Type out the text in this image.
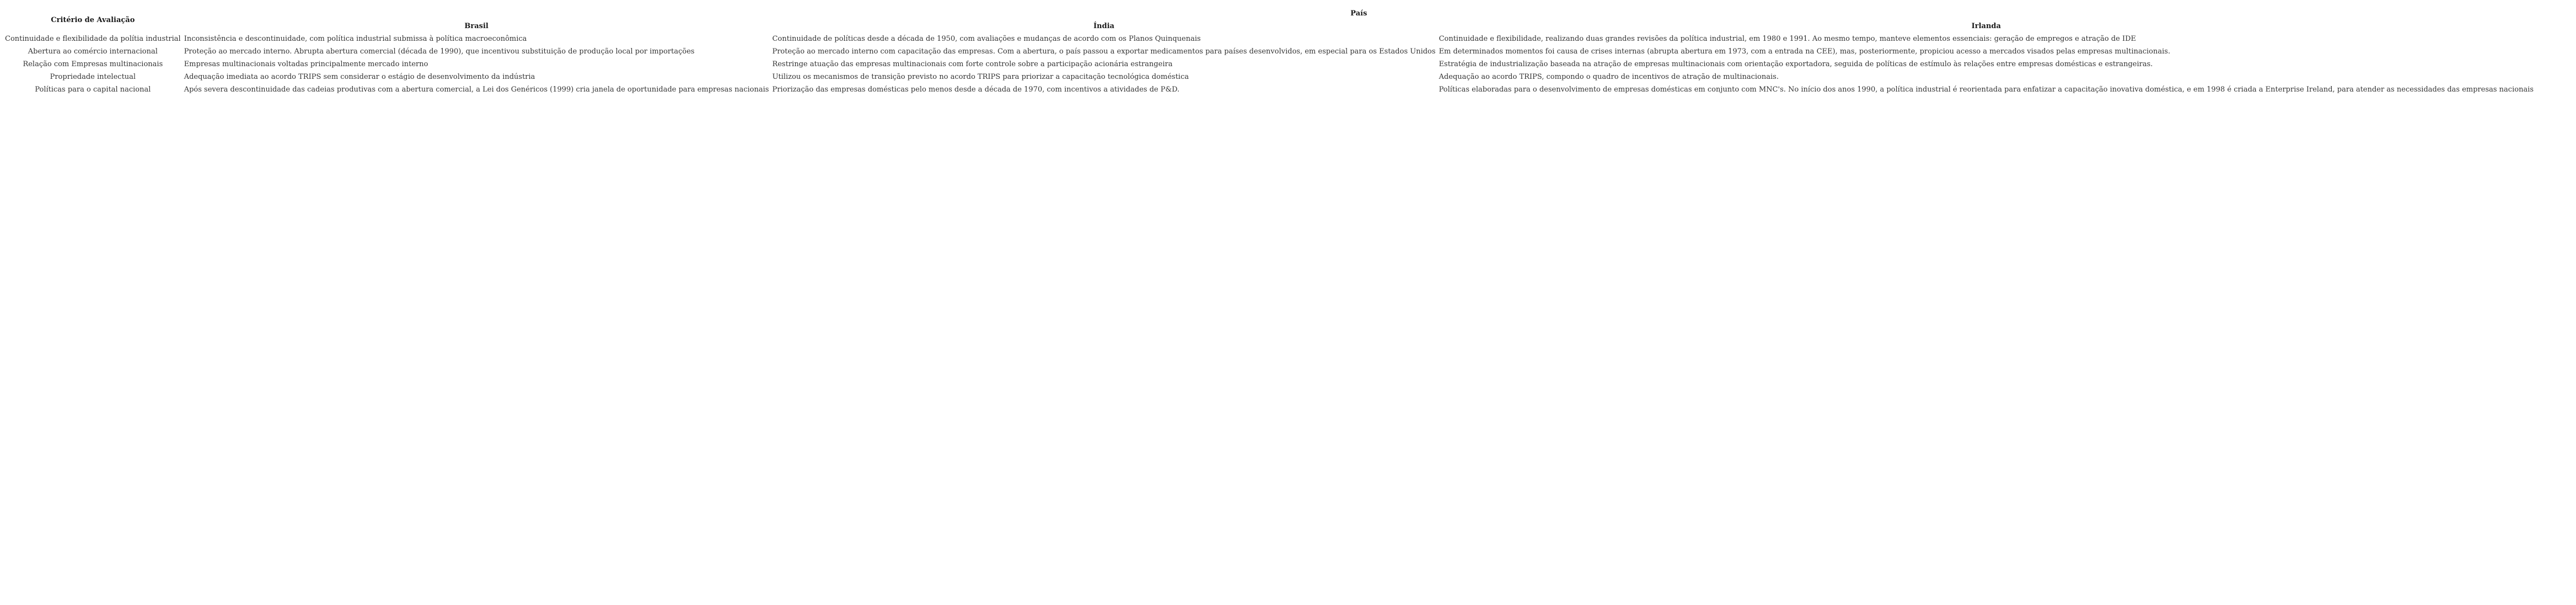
Critério de Avaliação	País		
	Brasil	Índia	Irlanda
Continuidade e flexibilidade da polítia industrial	Inconsistência e descontinuidade, com política industrial submissa à política macroeconômica	Continuidade de políticas desde a década de 1950, com avaliações e mudanças de acordo com os Planos Quinquenais	Continuidade e flexibilidade, realizando duas grandes revisões da política industrial, em 1980 e 1991. Ao mesmo tempo, manteve elementos essenciais: geração de empregos e atração de IDE
Abertura ao comércio internacional	Proteção ao mercado interno. Abrupta abertura comercial (década de 1990), que incentivou substituição de produção local por importações	Proteção ao mercado interno com capacitação das empresas. Com a abertura, o país passou a exportar medicamentos para países desenvolvidos, em especial para os Estados Unidos	Em determinados momentos foi causa de crises internas (abrupta abertura em 1973, com a entrada na CEE), mas, posteriormente, propiciou acesso a mercados visados pelas empresas multinacionais.
Relação com Empresas multinacionais	Empresas multinacionais voltadas principalmente mercado interno	Restringe atuação das empresas multinacionais com forte controle sobre a participação acionária estrangeira	Estratégia de industrialização baseada na atração de empresas multinacionais com orientação exportadora, seguida de políticas de estímulo às relações entre empresas domésticas e estrangeiras.
Propriedade intelectual	Adequação imediata ao acordo TRIPS sem considerar o estágio de desenvolvimento da indústria	Utilizou os mecanismos de transição previsto no acordo TRIPS para priorizar a capacitação tecnológica doméstica	Adequação ao acordo TRIPS, compondo o quadro de incentivos de atração de multinacionais.
Políticas para o capital nacional	Após severa descontinuidade das cadeias produtivas com a abertura comercial, a Lei dos Genéricos (1999) cria janela de oportunidade para empresas nacionais	Priorização das empresas domésticas pelo menos desde a década de 1970, com incentivos a atividades de P&D.	Políticas elaboradas para o desenvolvimento de empresas domésticas em conjunto com MNC's. No início dos anos 1990, a política industrial é reorientada para enfatizar a capacitação inovativa doméstica, e em 1998 é criada a Enterprise Ireland, para atender as necessidades das empresas nacionais
